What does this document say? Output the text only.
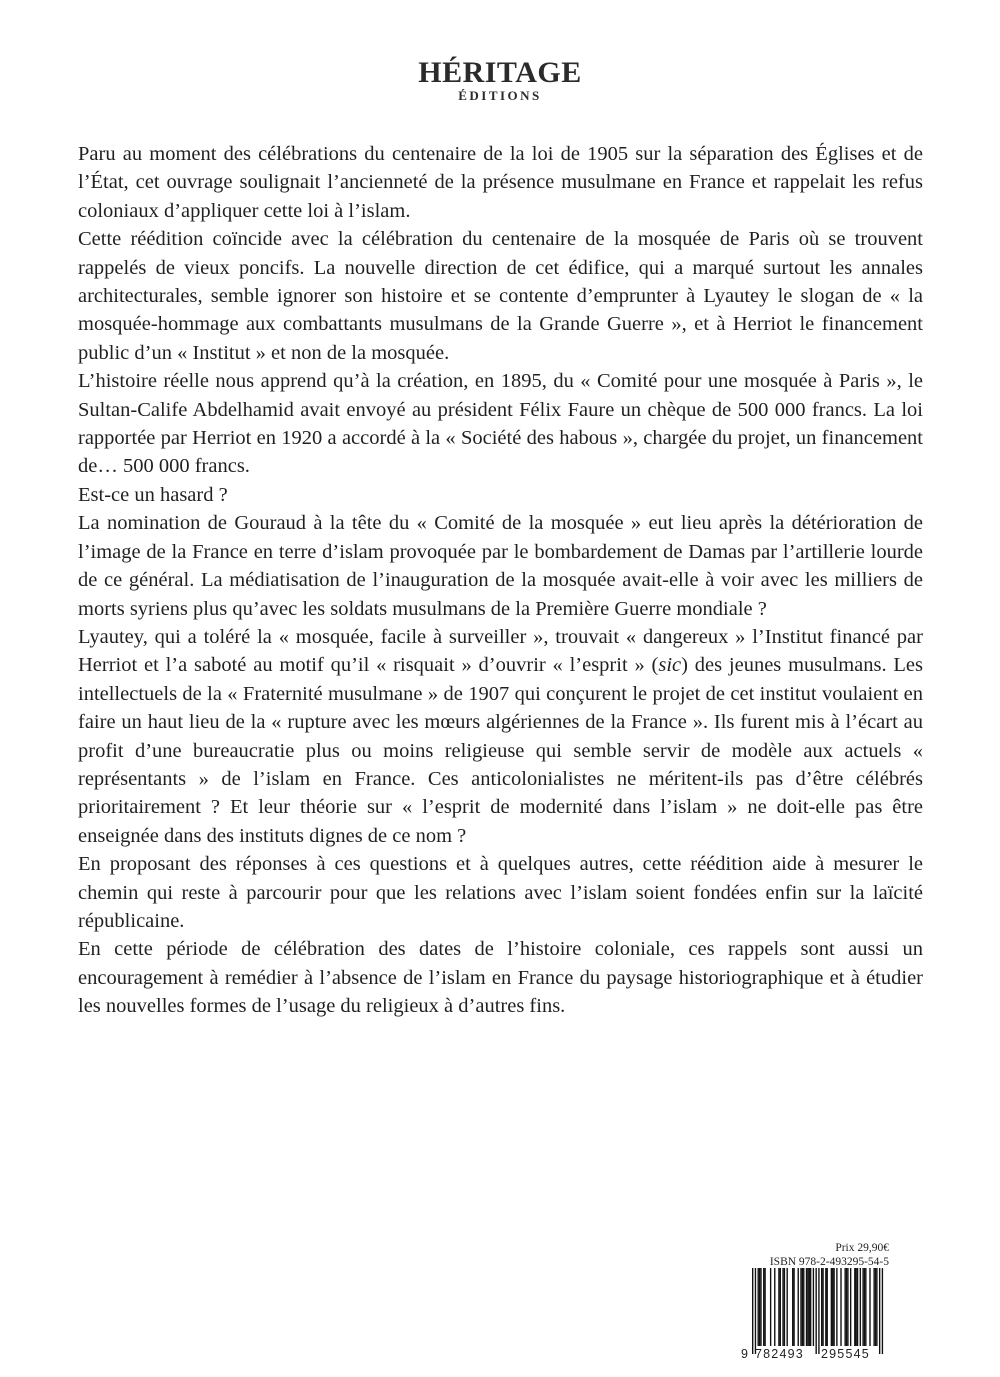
HÉRITAGE
ÉDITIONS

Paru au moment des célébrations du centenaire de la loi de 1905 sur la séparation des Églises et de l’État, cet ouvrage soulignait l’ancienneté de la présence musulmane en France et rappelait les refus coloniaux d’appliquer cette loi à l’islam.

Cette réédition coïncide avec la célébration du centenaire de la mosquée de Paris où se trouvent rappelés de vieux poncifs. La nouvelle direction de cet édifice, qui a marqué surtout les annales architecturales, semble ignorer son histoire et se contente d’emprunter à Lyautey le slogan de « la mosquée-hommage aux combattants musulmans de la Grande Guerre », et à Herriot le financement public d’un « Institut » et non de la mosquée.

L’histoire réelle nous apprend qu’à la création, en 1895, du « Comité pour une mosquée à Paris », le Sultan-Calife Abdelhamid avait envoyé au président Félix Faure un chèque de 500 000 francs. La loi rapportée par Herriot en 1920 a accordé à la « Société des habous », chargée du projet, un financement de… 500 000 francs.

Est-ce un hasard ?

La nomination de Gouraud à la tête du « Comité de la mosquée » eut lieu après la détérioration de l’image de la France en terre d’islam provoquée par le bombardement de Damas par l’artillerie lourde de ce général. La médiatisation de l’inauguration de la mosquée avait-elle à voir avec les milliers de morts syriens plus qu’avec les soldats musulmans de la Première Guerre mondiale ?

Lyautey, qui a toléré la « mosquée, facile à surveiller », trouvait « dangereux » l’Institut financé par Herriot et l’a saboté au motif qu’il « risquait » d’ouvrir « l’esprit » (sic) des jeunes musulmans. Les intellectuels de la « Fraternité musulmane » de 1907 qui conçurent le projet de cet institut voulaient en faire un haut lieu de la « rupture avec les mœurs algériennes de la France ». Ils furent mis à l’écart au profit d’une bureaucratie plus ou moins religieuse qui semble servir de modèle aux actuels « représentants » de l’islam en France. Ces anticolonialistes ne méritent-ils pas d’être célébrés prioritairement ? Et leur théorie sur « l’esprit de modernité dans l’islam » ne doit-elle pas être enseignée dans des instituts dignes de ce nom ?

En proposant des réponses à ces questions et à quelques autres, cette réédition aide à mesurer le chemin qui reste à parcourir pour que les relations avec l’islam soient fondées enfin sur la laïcité républicaine.

En cette période de célébration des dates de l’histoire coloniale, ces rappels sont aussi un encouragement à remédier à l’absence de l’islam en France du paysage historiographique et à étudier les nouvelles formes de l’usage du religieux à d’autres fins.

Prix 29,90€
ISBN 978-2-493295-54-5
9 782493 295545
